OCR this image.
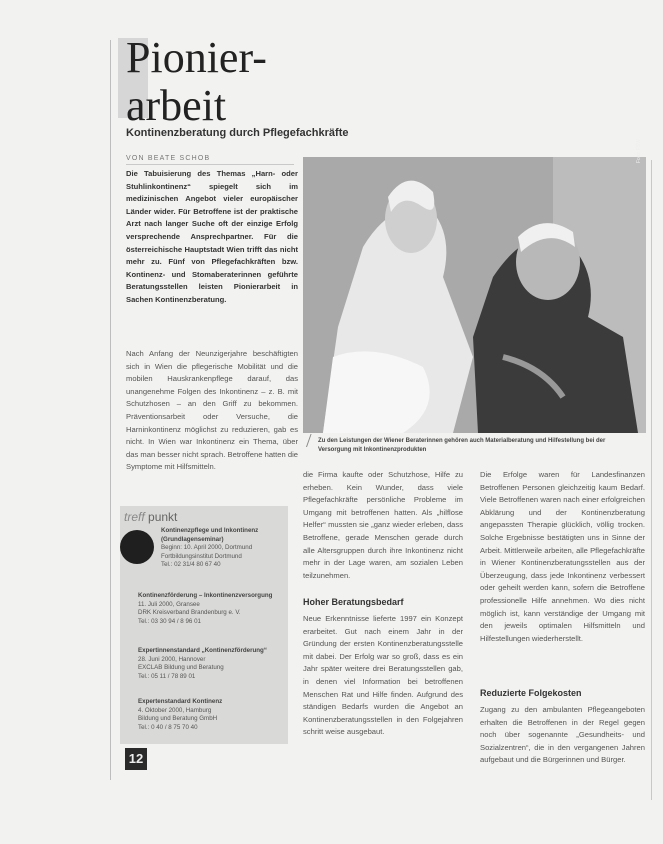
Pionier-
arbeit
Kontinenzberatung durch Pflegefachkräfte
VON BEATE SCHOB

Die Tabuisierung des Themas „Harn- oder Stuhlinkontinenz“ spiegelt sich im medizinischen Angebot vieler europäischer Länder wider. Für Betroffene ist der praktische Arzt nach langer Suche oft der einzige Erfolg versprechende Ansprechpartner. Für die österreichische Hauptstadt Wien trifft das nicht mehr zu. Fünf von Pflegefachkräften bzw. Kontinenz- und Stomaberaterinnen geführte Beratungsstellen leisten Pionierarbeit in Sachen Kontinenzberatung.

Nach Anfang der Neunzigerjahre beschäftigten sich in Wien die pflegerische Mobilität und die mobilen Hauskrankenpflege darauf, das unangenehme Folgen des Inkontinenz – z. B. mit Schutzhosen – an den Griff zu bekommen. Präventionsarbeit oder Versuche, die Harninkontinenz möglichst zu reduzieren, gab es nicht. In Wien war Inkontinenz ein Thema, über das man besser nicht sprach. Betroffene hatten die Symptome mit Hilfsmitteln.

Foto: FSW
/ Zu den Leistungen der Wiener Beraterinnen gehören auch Materialberatung und Hilfestellung bei der Versorgung mit Inkontinenzprodukten

die Firma kaufte oder Schutzhose, Hilfe zu erheben. Kein Wunder, dass viele Pflegefachkräfte persönliche Probleme im Umgang mit betroffenen hatten. Als „hilflose Helfer“ mussten sie „ganz wieder erleben, dass Betroffene, gerade Menschen gerade durch alle Altersgruppen durch ihre Inkontinenz nicht mehr in der Lage waren, am sozialen Leben teilzunehmen.

Hoher Beratungsbedarf

Neue Erkenntnisse lieferte 1997 ein Konzept erarbeitet. Gut nach einem Jahr in der Gründung der ersten Kontinenzberatungsstelle mit dabei. Der Erfolg war so groß, dass es ein Jahr später weitere drei Beratungsstellen gab, in denen viel Information bei betroffenen Menschen Rat und Hilfe finden. Aufgrund des ständigen Bedarfs wurden die Angebot an Kontinenzberatungsstellen in den Folgejahren schritt weise ausgebaut.

Die Erfolge waren für Landesfinanzen Betroffenen Personen gleichzeitig kaum Bedarf. Viele Betroffenen waren nach einer erfolgreichen Abklärung und der Kontinenzberatung angepassten Therapie glücklich, völlig trocken. Solche Ergebnisse bestätigten uns in Sinne der Arbeit. Mittlerweile arbeiten, alle Pflegefachkräfte in Wiener Kontinenzberatungsstellen aus der Überzeugung, dass jede Inkontinenz verbessert oder geheilt werden kann, sofern die Betroffene professionelle Hilfe annehmen. Wo dies nicht möglich ist, kann verständige der Umgang mit den jeweils optimalen Hilfsmitteln und Hilfestellungen wiederherstellt.

Reduzierte Folgekosten

Zugang zu den ambulanten Pflegeangeboten erhalten die Betroffenen in der Regel gegen noch über sogenannte „Gesundheits- und Sozialzentren“, die in den vergangenen Jahren aufgebaut und die Bürgerinnen und Bürger.

treff punkt
Kontinenzpflege und Inkontinenz (Grundlagenseminar)
Beginn: 10. April 2000, Dortmund
Fortbildungsinstitut Dortmund
Tel.: 02 31/4 80 67 40
Kontinenzförderung – Inkontinenzversorgung
11. Juli 2000, Gransee
DRK Kreisverband Brandenburg e. V.
Tel.: 03 30 94 / 8 96 01
Expertinnenstandard „Kontinenzförderung“
28. Juni 2000, Hannover
EXCLAB Bildung und Beratung
Tel.: 05 11 / 78 89 01
Expertenstandard Kontinenz
4. Oktober 2000, Hamburg
Bildung und Beratung GmbH
Tel.: 0 40 / 8 75 70 40
12
